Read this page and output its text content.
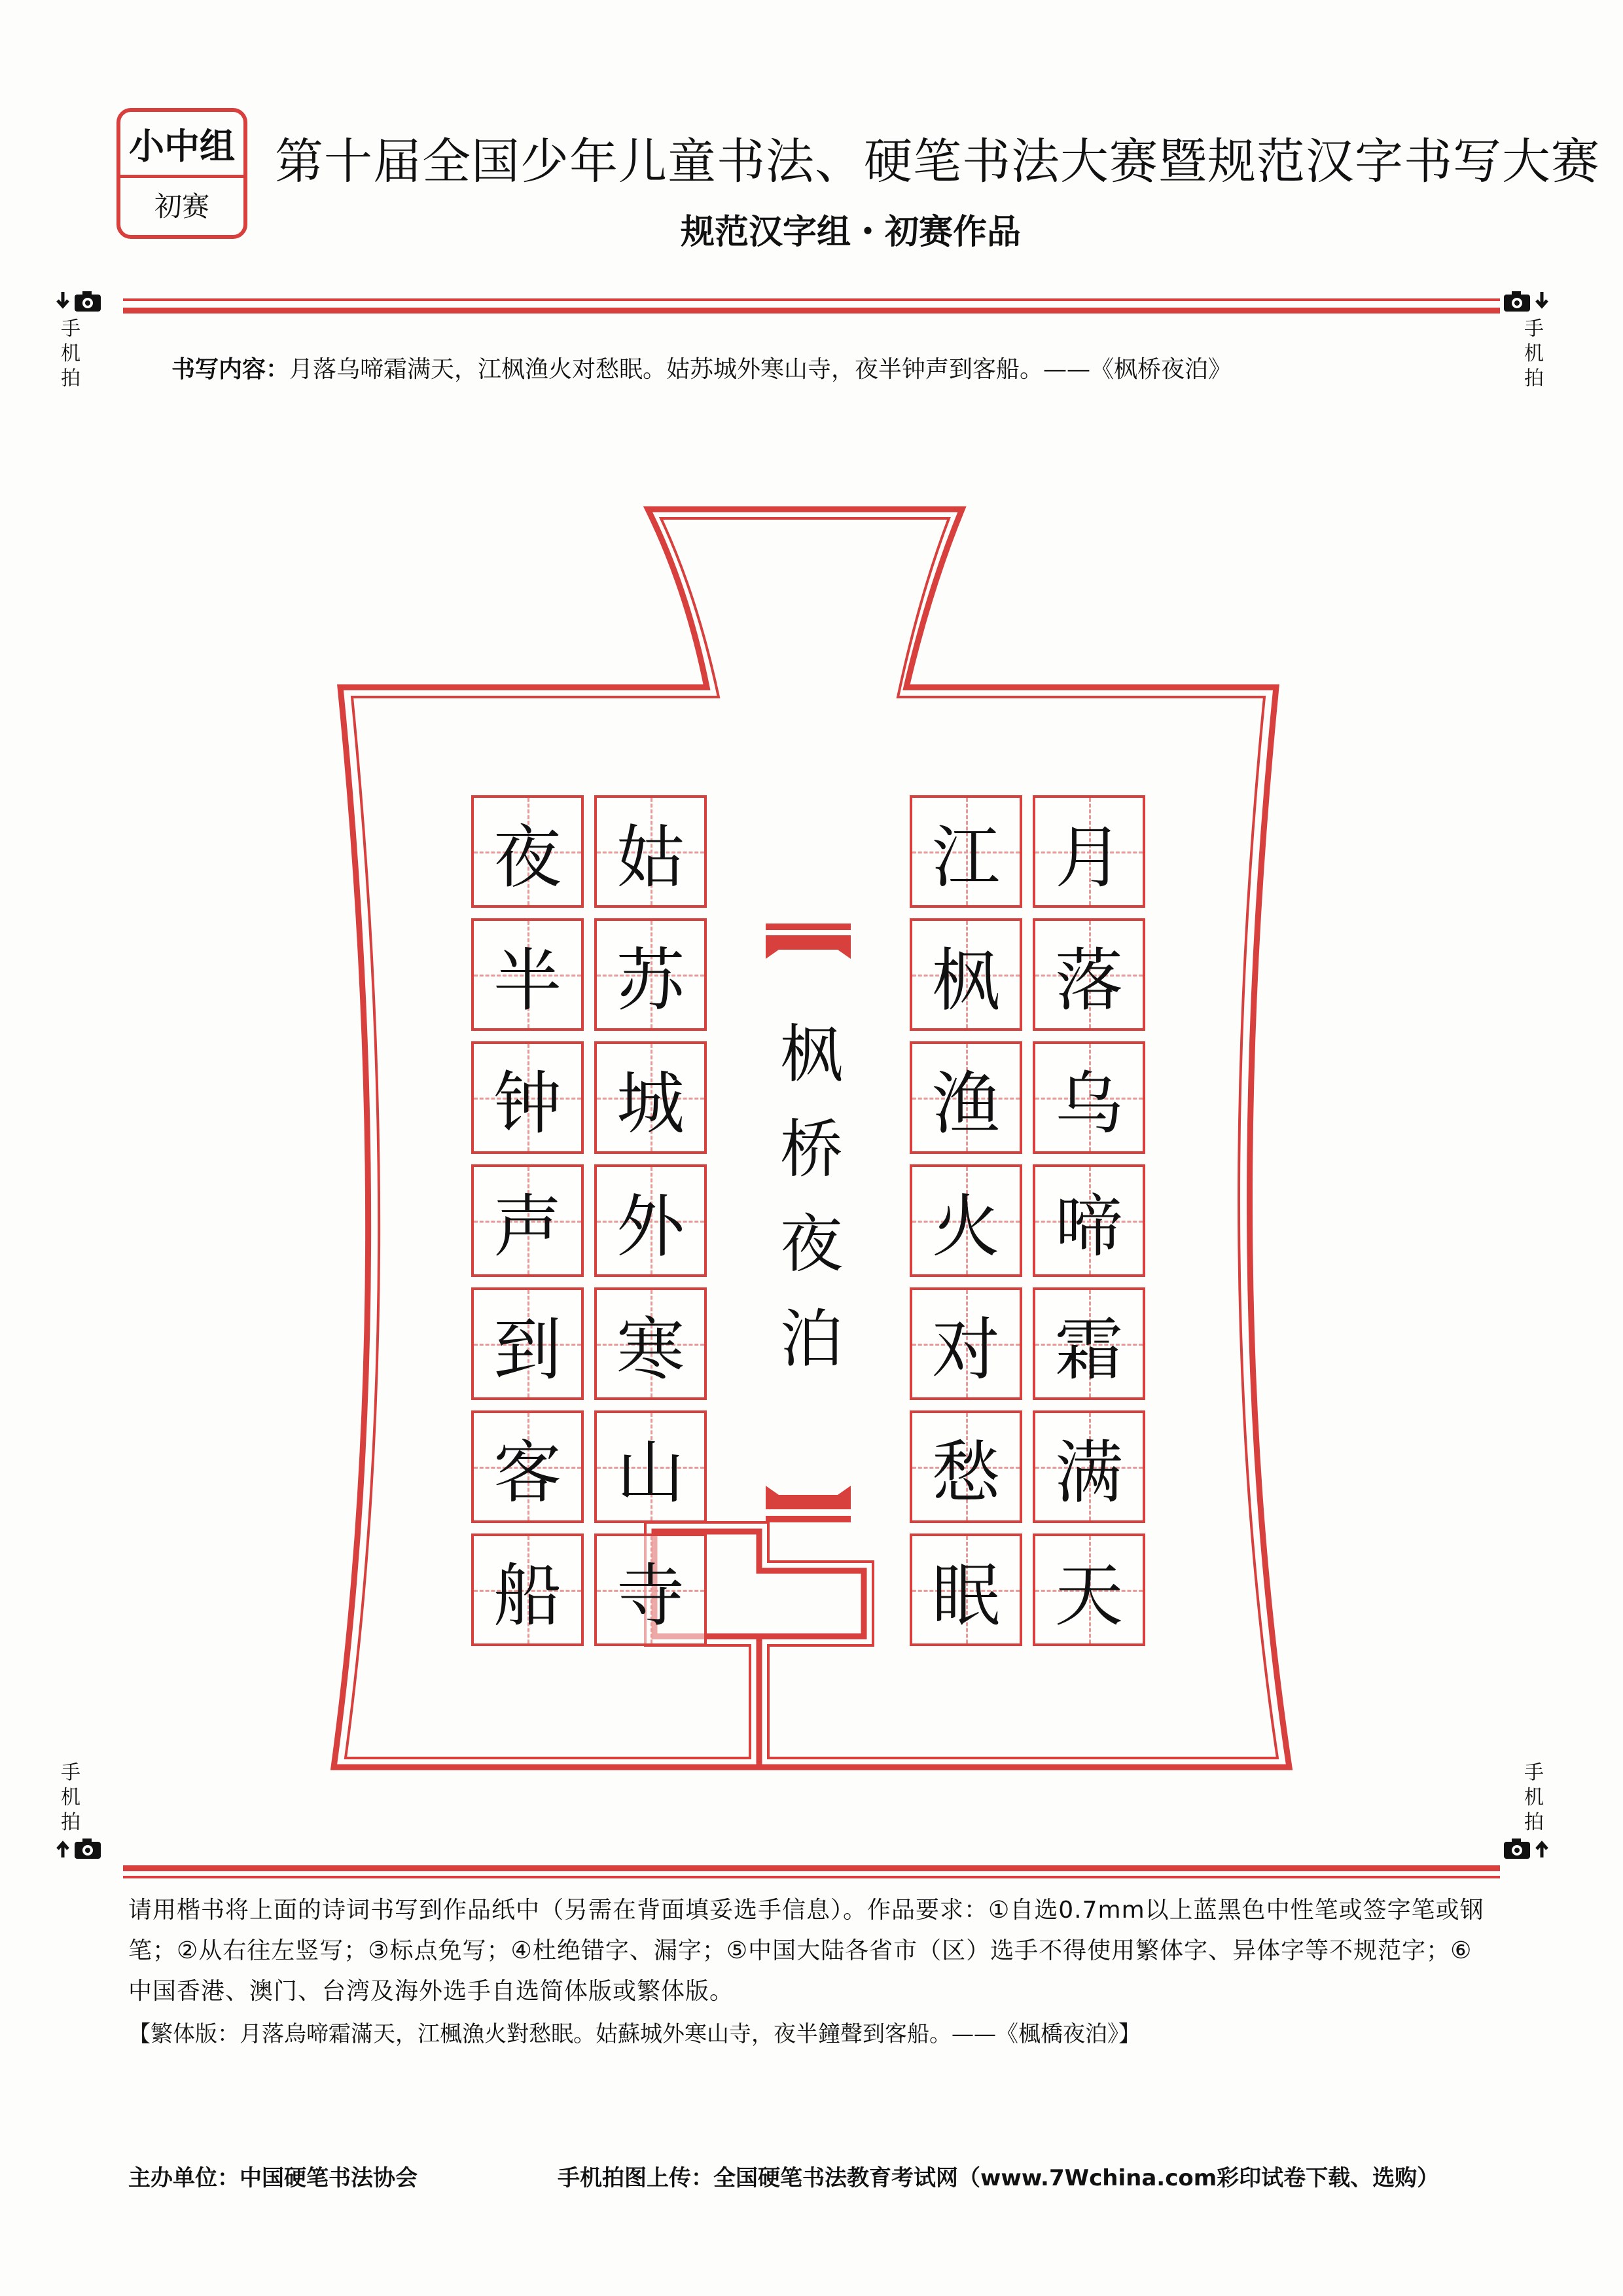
小中组
初赛
第十届全国少年儿童书法、硬笔书法大赛暨规范汉字书写大赛
规范汉字组・初赛作品
手机拍
手机拍
书写内容：月落乌啼霜满天，江枫渔火对愁眠。姑苏城外寒山寺，夜半钟声到客船。——《枫桥夜泊》
枫
桥
夜
泊
月
落
乌
啼
霜
满
天
江
枫
渔
火
对
愁
眠
姑
苏
城
外
寒
山
寺
夜
半
钟
声
到
客
船
手机拍
手机拍
请用楷书将上面的诗词书写到作品纸中（另需在背面填妥选手信息）。作品要求：①自选0.7mm以上蓝黑色中性笔或签字笔或钢笔；②从右往左竖写；③标点免写；④杜绝错字、漏字；⑤中国大陆各省市（区）选手不得使用繁体字、异体字等不规范字；⑥中国香港、澳门、台湾及海外选手自选简体版或繁体版。
【繁体版：月落烏啼霜滿天，江楓漁火對愁眠。姑蘇城外寒山寺，夜半鐘聲到客船。——《楓橋夜泊》】
主办单位：中国硬笔书法协会	手机拍图上传：全国硬笔书法教育考试网（www.7Wchina.com彩印试卷下载、选购）
